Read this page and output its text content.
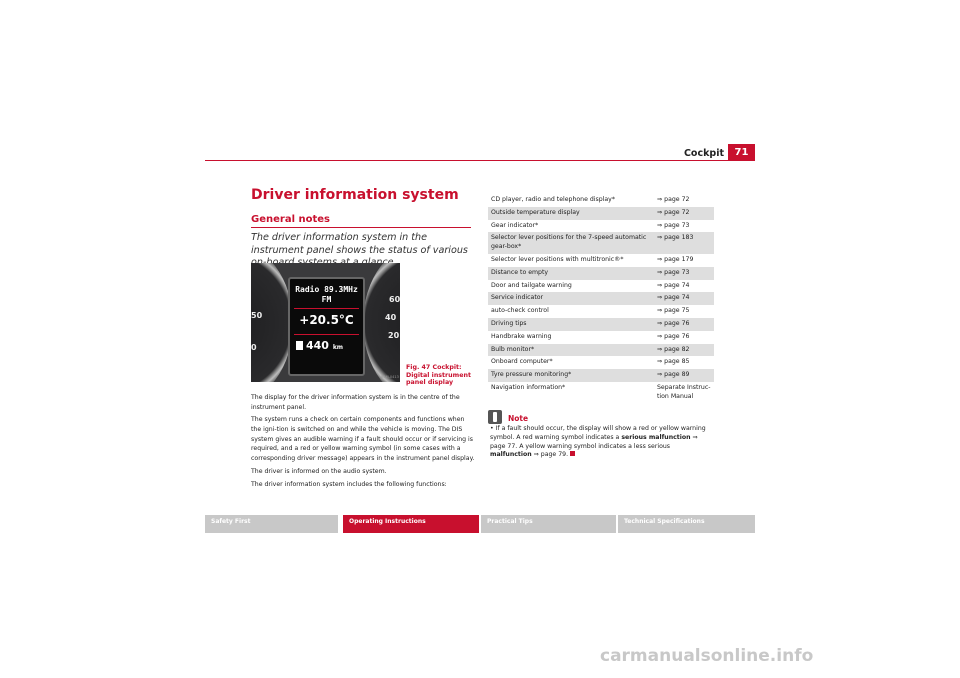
Cockpit	71
Driver information system
General notes
The driver information system in the instrument panel shows the status of various
50
0
60
40
20
Radio 89.3MHz
FM
+20.5°C
440 km
B5M-0413
Fig. 47 Cockpit: Digital instrument panel display

The display for the driver information system is in the centre of the instrument panel.

The system runs a check on certain components and functions when the igni-tion is switched on and while the vehicle is moving. The DIS system gives an audible warning if a fault should occur or if servicing is required, and a red or yellow warning symbol (in some cases with a corresponding driver message) appears in the instrument panel display.

The driver is informed on the audio system.

The driver information system includes the following functions:

CD player, radio and telephone display*	⇒ page 72
Outside temperature display	⇒ page 72
Gear indicator*	⇒ page 73
Selector lever positions for the 7-speed automatic gear-box*	⇒ page 183
Selector lever positions with multitronic®*	⇒ page 179
Distance to empty	⇒ page 73
Door and tailgate warning	⇒ page 74
Service indicator	⇒ page 74
auto-check control	⇒ page 75
Driving tips	⇒ page 76
Handbrake warning	⇒ page 76
Bulb monitor*	⇒ page 82
Onboard computer*	⇒ page 85
Tyre pressure monitoring*	⇒ page 89
Navigation information*	Separate Instruc-tion Manual
Note
• If a fault should occur, the display will show a red or yellow warning symbol. A red warning symbol indicates a serious malfunction ⇒ page 77. A yellow warning symbol indicates a less serious malfunction ⇒ page 79.
Safety First	Operating Instructions	Practical Tips	Technical Specifications
carmanualsonline.info
